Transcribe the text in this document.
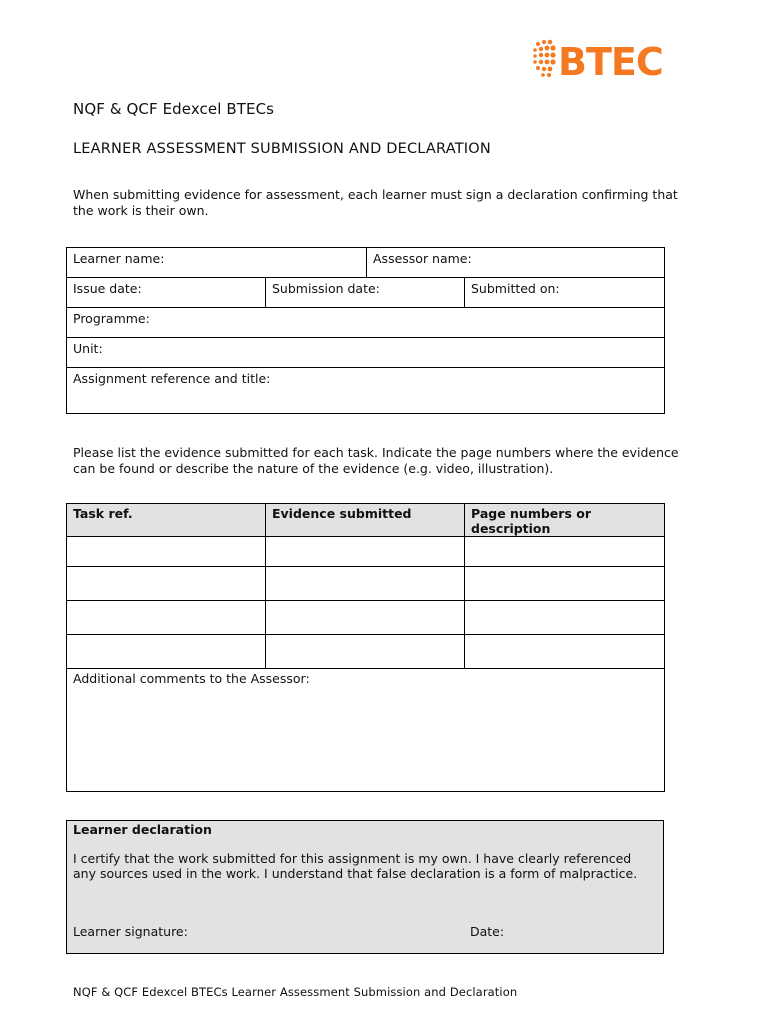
BTEC
NQF & QCF Edexcel BTECs
LEARNER ASSESSMENT SUBMISSION AND DECLARATION
When submitting evidence for assessment, each learner must sign a declaration confirming that the work is their own.
Learner name:		Assessor name:	
Issue date:	Submission date:		Submitted on:
Programme:			
Unit:			
Assignment reference and title:			
Please list the evidence submitted for each task. Indicate the page numbers where the evidence can be found or describe the nature of the evidence (e.g. video, illustration).
Task ref.	Evidence submitted	Page numbers or description

Additional comments to the Assessor:		
Learner declaration
I certify that the work submitted for this assignment is my own. I have clearly referenced any sources used in the work. I understand that false declaration is a form of malpractice.
Learner signature:	Date:
NQF & QCF Edexcel BTECs Learner Assessment Submission and Declaration
